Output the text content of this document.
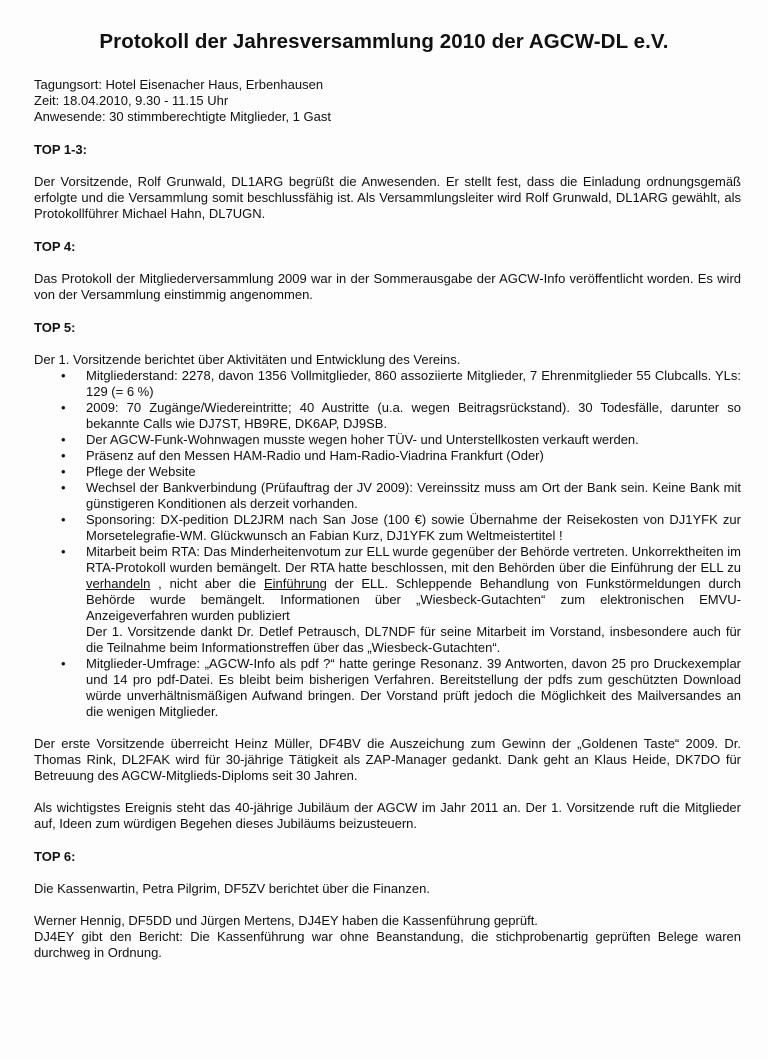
Protokoll der Jahresversammlung 2010 der AGCW-DL e.V.
Tagungsort: Hotel Eisenacher Haus, Erbenhausen
Zeit: 18.04.2010, 9.30 - 11.15 Uhr
Anwesende: 30 stimmberechtigte Mitglieder, 1 Gast
TOP 1-3:

Der Vorsitzende, Rolf Grunwald, DL1ARG begrüßt die Anwesenden. Er stellt fest, dass die Einladung ordnungsgemäß erfolgte und die Versammlung somit beschlussfähig ist. Als Versammlungsleiter wird Rolf Grunwald, DL1ARG gewählt, als Protokollführer Michael Hahn, DL7UGN.

TOP 4:

Das Protokoll der Mitgliederversammlung 2009 war in der Sommerausgabe der AGCW-Info veröffentlicht worden. Es wird von der Versammlung einstimmig angenommen.

TOP 5:

Der 1. Vorsitzende berichtet über Aktivitäten und Entwicklung des Vereins.

• Mitgliederstand: 2278, davon 1356 Vollmitglieder, 860 assoziierte Mitglieder, 7 Ehrenmitglieder 55 Clubcalls. YLs: 129 (= 6 %)
• 2009: 70 Zugänge/Wiedereintritte; 40 Austritte (u.a. wegen Beitragsrückstand). 30 Todesfälle, darunter so bekannte Calls wie DJ7ST, HB9RE, DK6AP, DJ9SB.
• Der AGCW-Funk-Wohnwagen musste wegen hoher TÜV- und Unterstellkosten verkauft werden.
• Präsenz auf den Messen HAM-Radio und Ham-Radio-Viadrina Frankfurt (Oder)
• Pflege der Website
• Wechsel der Bankverbindung (Prüfauftrag der JV 2009): Vereinssitz muss am Ort der Bank sein. Keine Bank mit günstigeren Konditionen als derzeit vorhanden.
• Sponsoring: DX-pedition DL2JRM nach San Jose (100 €) sowie Übernahme der Reisekosten von DJ1YFK zur Morsetelegrafie-WM. Glückwunsch an Fabian Kurz, DJ1YFK zum Weltmeistertitel !
• Mitarbeit beim RTA: Das Minderheitenvotum zur ELL wurde gegenüber der Behörde vertreten. Unkorrektheiten im RTA-Protokoll wurden bemängelt. Der RTA hatte beschlossen, mit den Behörden über die Einführung der ELL zu verhandeln , nicht aber die Einführung der ELL. Schleppende Behandlung von Funkstörmeldungen durch Behörde wurde bemängelt. Informationen über „Wiesbeck-Gutachten“ zum elektronischen EMVU-Anzeigeverfahren wurden publiziert
Der 1. Vorsitzende dankt Dr. Detlef Petrausch, DL7NDF für seine Mitarbeit im Vorstand, insbesondere auch für die Teilnahme beim Informationstreffen über das „Wiesbeck-Gutachten“.
• Mitglieder-Umfrage: „AGCW-Info als pdf ?“ hatte geringe Resonanz. 39 Antworten, davon 25 pro Druckexemplar und 14 pro pdf-Datei. Es bleibt beim bisherigen Verfahren. Bereitstellung der pdfs zum geschützten Download würde unverhältnismäßigen Aufwand bringen. Der Vorstand prüft jedoch die Möglichkeit des Mailversandes an die wenigen Mitglieder.

Der erste Vorsitzende überreicht Heinz Müller, DF4BV die Auszeichung zum Gewinn der „Goldenen Taste“ 2009. Dr. Thomas Rink, DL2FAK wird für 30-jährige Tätigkeit als ZAP-Manager gedankt. Dank geht an Klaus Heide, DK7DO für Betreuung des AGCW-Mitglieds-Diploms seit 30 Jahren.

Als wichtigstes Ereignis steht das 40-jährige Jubiläum der AGCW im Jahr 2011 an. Der 1. Vorsitzende ruft die Mitglieder auf, Ideen zum würdigen Begehen dieses Jubiläums beizusteuern.

TOP 6:

Die Kassenwartin, Petra Pilgrim, DF5ZV berichtet über die Finanzen.

Werner Hennig, DF5DD und Jürgen Mertens, DJ4EY haben die Kassenführung geprüft.

DJ4EY gibt den Bericht: Die Kassenführung war ohne Beanstandung, die stichprobenartig geprüften Belege waren durchweg in Ordnung.
